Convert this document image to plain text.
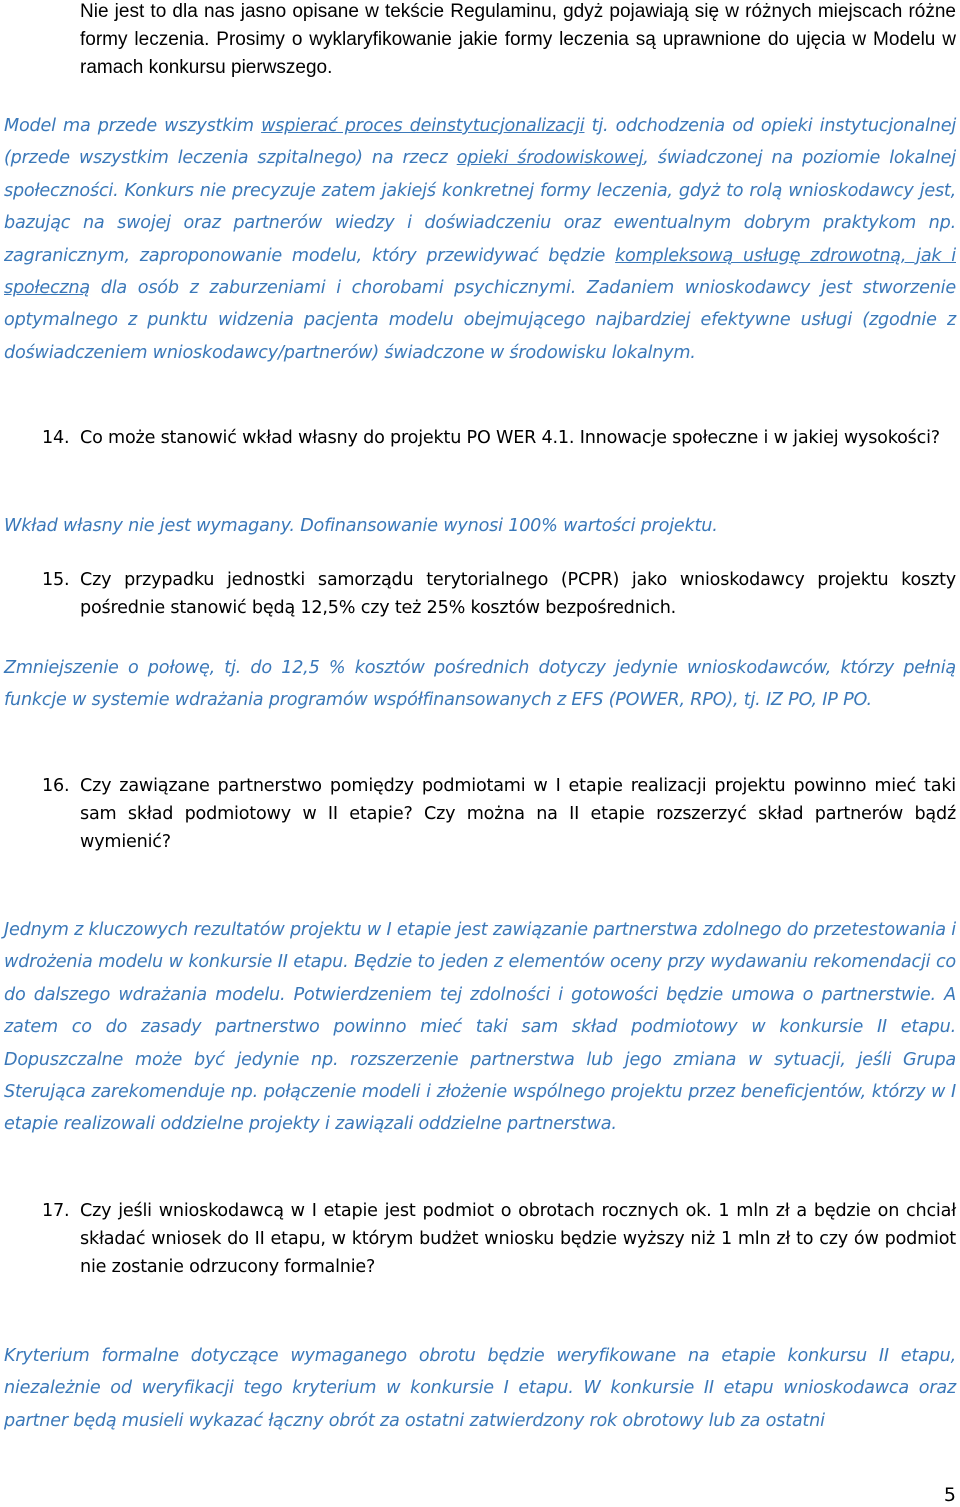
Nie jest to dla nas jasno opisane w tekście Regulaminu, gdyż pojawiają się w różnych miejscach różne formy leczenia. Prosimy o wyklaryfikowanie jakie formy leczenia są uprawnione do ujęcia w Modelu w ramach konkursu pierwszego.

Model ma przede wszystkim wspierać proces deinstytucjonalizacji tj. odchodzenia od opieki instytucjonalnej (przede wszystkim leczenia szpitalnego) na rzecz opieki środowiskowej, świadczonej na poziomie lokalnej społeczności. Konkurs nie precyzuje zatem jakiejś konkretnej formy leczenia, gdyż to rolą wnioskodawcy jest, bazując na swojej oraz partnerów wiedzy i doświadczeniu oraz ewentualnym dobrym praktykom np. zagranicznym, zaproponowanie modelu, który przewidywać będzie kompleksową usługę zdrowotną, jak i społeczną dla osób z zaburzeniami i chorobami psychicznymi. Zadaniem wnioskodawcy jest stworzenie optymalnego z punktu widzenia pacjenta modelu obejmującego najbardziej efektywne usługi (zgodnie z doświadczeniem wnioskodawcy/partnerów) świadczone w środowisku lokalnym.

14. Co może stanowić wkład własny do projektu PO WER 4.1. Innowacje społeczne i w jakiej wysokości?

Wkład własny nie jest wymagany. Dofinansowanie wynosi 100% wartości projektu.

15. Czy przypadku jednostki samorządu terytorialnego (PCPR) jako wnioskodawcy projektu koszty pośrednie stanowić będą 12,5% czy też 25% kosztów bezpośrednich.

Zmniejszenie o połowę, tj. do 12,5 % kosztów pośrednich dotyczy jedynie wnioskodawców, którzy pełnią funkcje w systemie wdrażania programów współfinansowanych z EFS (POWER, RPO), tj. IZ PO, IP PO.

16. Czy zawiązane partnerstwo pomiędzy podmiotami w I etapie realizacji projektu powinno mieć taki sam skład podmiotowy w II etapie? Czy można na II etapie rozszerzyć skład partnerów bądź wymienić?

Jednym z kluczowych rezultatów projektu w I etapie jest zawiązanie partnerstwa zdolnego do przetestowania i wdrożenia modelu w konkursie II etapu. Będzie to jeden z elementów oceny przy wydawaniu rekomendacji co do dalszego wdrażania modelu. Potwierdzeniem tej zdolności i gotowości będzie umowa o partnerstwie. A zatem co do zasady partnerstwo powinno mieć taki sam skład podmiotowy w konkursie II etapu. Dopuszczalne może być jedynie np. rozszerzenie partnerstwa lub jego zmiana w sytuacji, jeśli Grupa Sterująca zarekomenduje np. połączenie modeli i złożenie wspólnego projektu przez beneficjentów, którzy w I etapie realizowali oddzielne projekty i zawiązali oddzielne partnerstwa.

17. Czy jeśli wnioskodawcą w I etapie jest podmiot o obrotach rocznych ok. 1 mln zł a będzie on chciał składać wniosek do II etapu, w którym budżet wniosku będzie wyższy niż 1 mln zł to czy ów podmiot nie zostanie odrzucony formalnie?

Kryterium formalne dotyczące wymaganego obrotu będzie weryfikowane na etapie konkursu II etapu, niezależnie od weryfikacji tego kryterium w konkursie I etapu. W konkursie II etapu wnioskodawca oraz partner będą musieli wykazać łączny obrót za ostatni zatwierdzony rok obrotowy lub za ostatni

5
